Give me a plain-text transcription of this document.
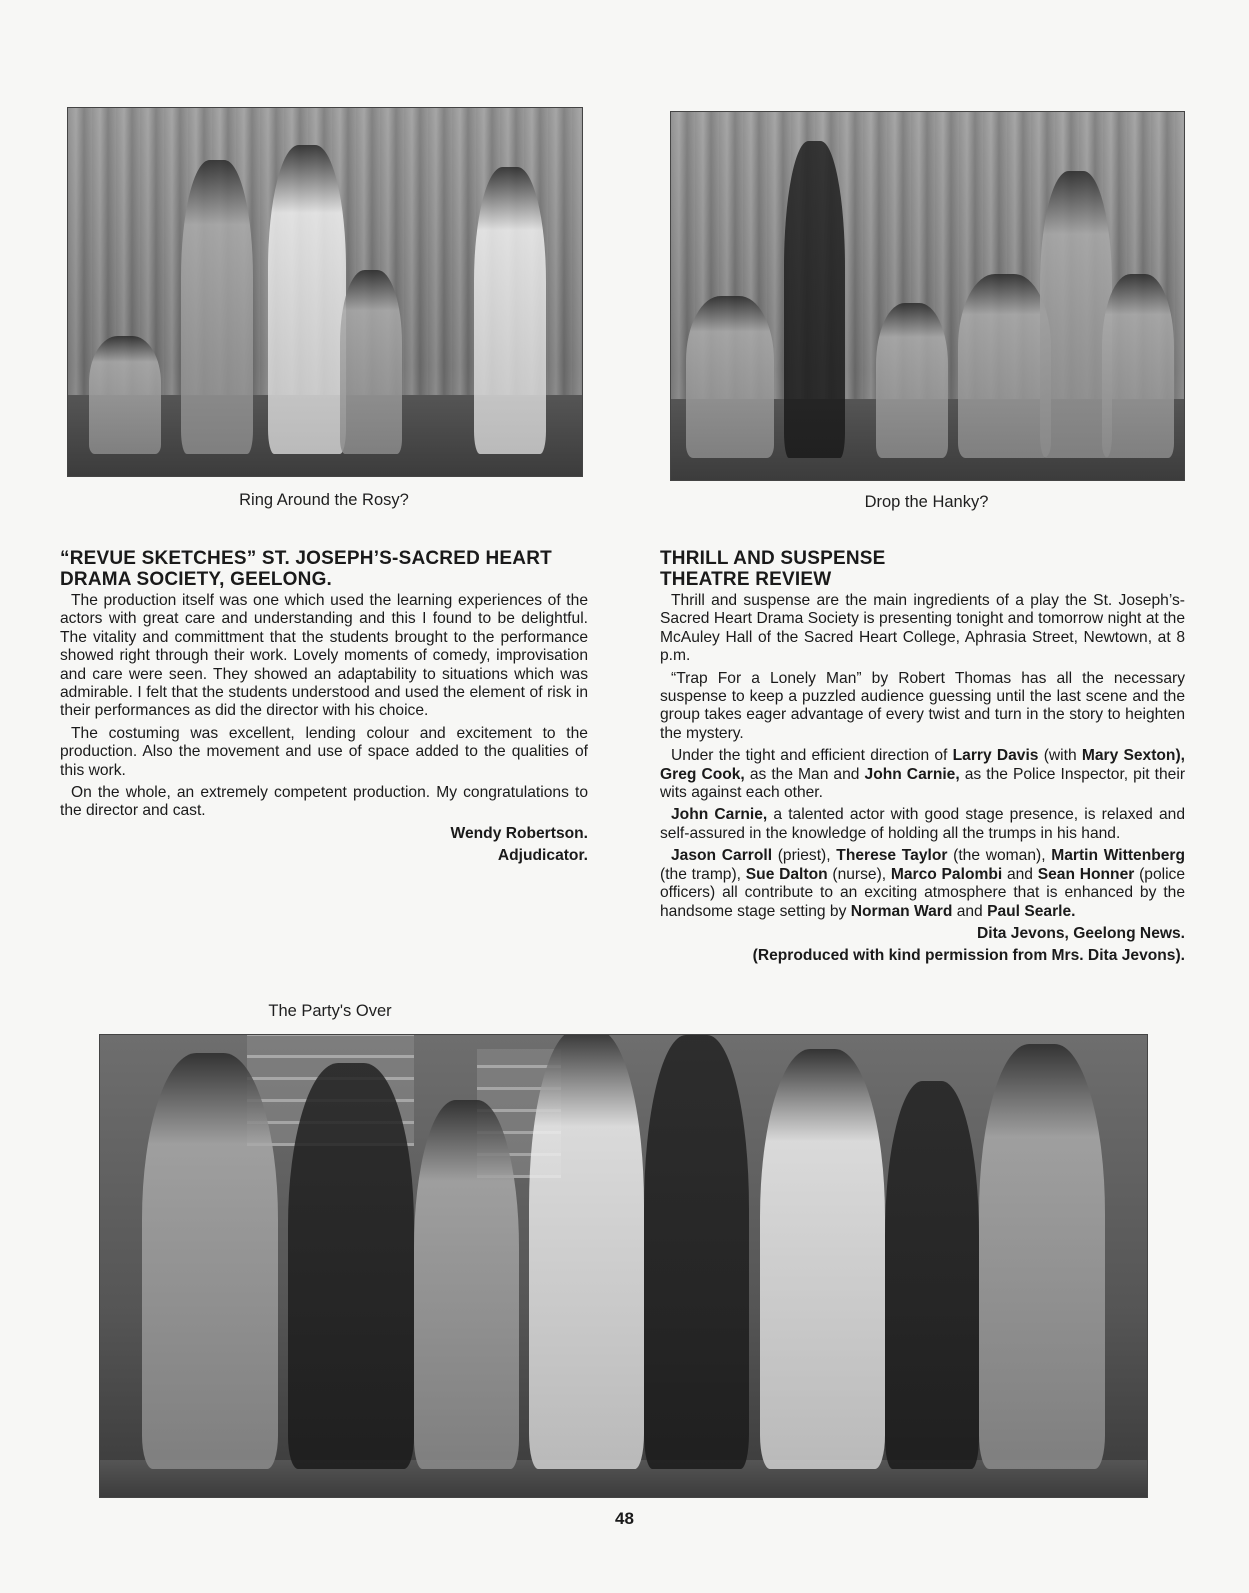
Ring Around the Rosy?	Drop the Hanky?
“REVUE SKETCHES” ST. JOSEPH’S-SACRED HEART DRAMA SOCIETY, GEELONG.

The production itself was one which used the learning experiences of the actors with great care and understanding and this I found to be delightful. The vitality and committment that the students brought to the performance showed right through their work. Lovely moments of comedy, improvisation and care were seen. They showed an adaptability to situations which was admirable. I felt that the students understood and used the element of risk in their performances as did the director with his choice.

The costuming was excellent, lending colour and excitement to the production. Also the movement and use of space added to the qualities of this work.

On the whole, an extremely competent production. My congratulations to the director and cast.

Wendy Robertson.

Adjudicator.

THRILL AND SUSPENSE
THEATRE REVIEW

Thrill and suspense are the main ingredients of a play the St. Joseph’s-Sacred Heart Drama Society is presenting tonight and tomorrow night at the McAuley Hall of the Sacred Heart College, Aphrasia Street, Newtown, at 8 p.m.

“Trap For a Lonely Man” by Robert Thomas has all the necessary suspense to keep a puzzled audience guessing until the last scene and the group takes eager advantage of every twist and turn in the story to heighten the mystery.

Under the tight and efficient direction of Larry Davis (with Mary Sexton), Greg Cook, as the Man and John Carnie, as the Police Inspector, pit their wits against each other.

John Carnie, a talented actor with good stage presence, is relaxed and self-assured in the knowledge of holding all the trumps in his hand.

Jason Carroll (priest), Therese Taylor (the woman), Martin Wittenberg (the tramp), Sue Dalton (nurse), Marco Palombi and Sean Honner (police officers) all contribute to an exciting atmosphere that is enhanced by the handsome stage setting by Norman Ward and Paul Searle.

Dita Jevons, Geelong News.

(Reproduced with kind permission from Mrs. Dita Jevons).

The Party's Over
48
